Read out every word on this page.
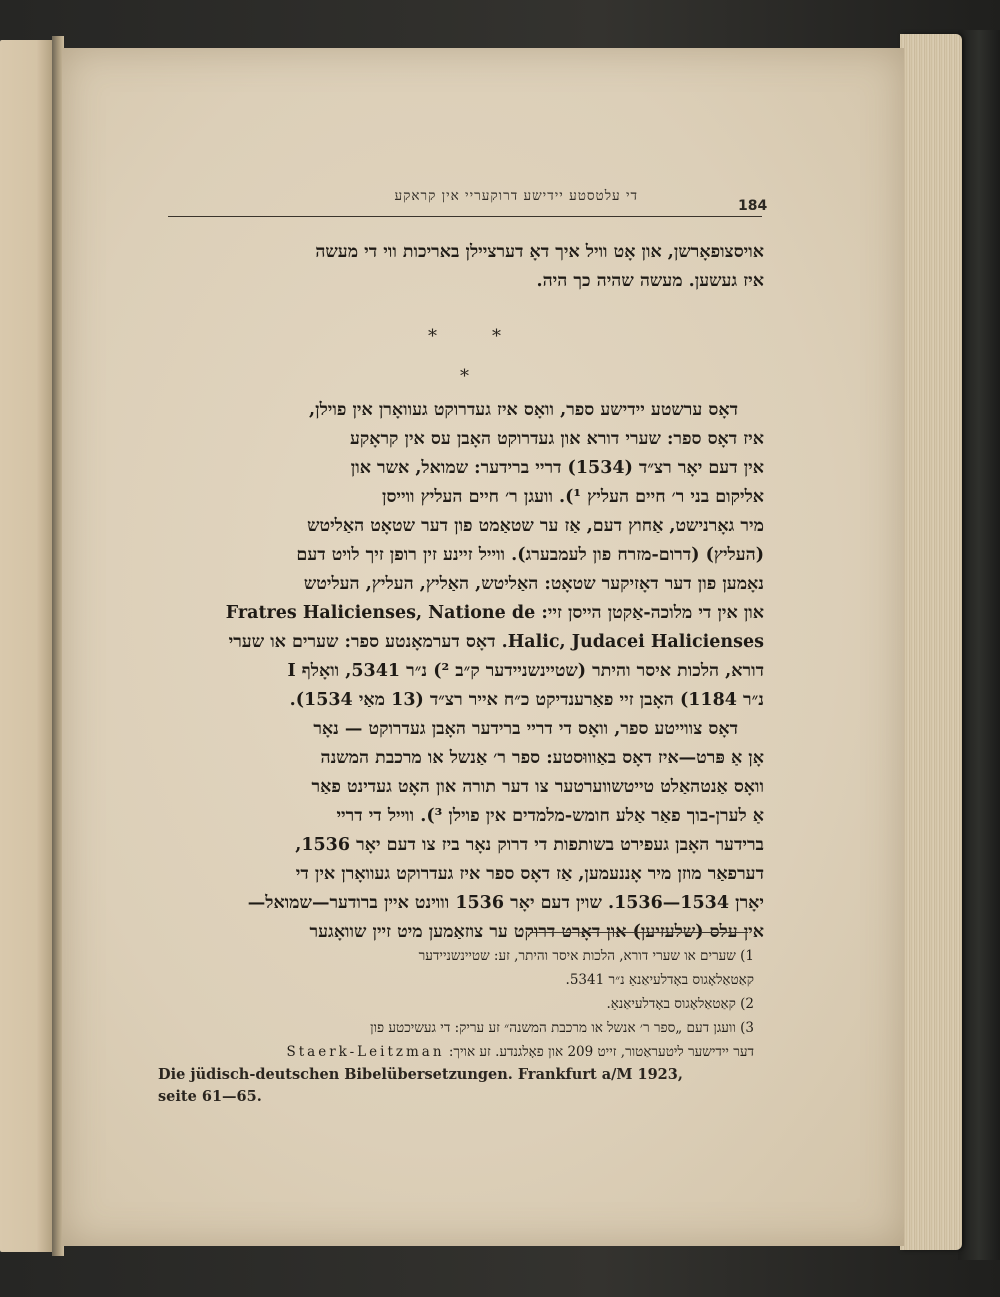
די עלטסטע יידישע דרוקעריי אין קראקע
184

אויסצופאָרשן, און אָט וויל איך דאָ דערציילן באריכות ווי די מעשה

איז געשען. מעשה שהיה כך היה.

*	*
*

דאָס ערשטע יידישע ספר, וואָס איז געדרוקט געוואָרן אין פוילן,

איז דאָס ספר: שערי דורא און געדרוקט האָבן עס אין קראָקע

אין דעם יאָר רצ״ד (1534) דריי ברידער: שמואל, אשר און

אליקום בני ר׳ חיים העליץ ¹). וועגן ר׳ חיים העליץ ווייסן

מיר גאָרנישט, אַחוץ דעם, אַז ער שטאַמט פון דער שטאָט האַליטש

(העליץ) (דרום-מזרח פון לעמבערג). ווייל זיינע זין רופן זיך לויט דעם

נאָמען פון דער דאָזיקער שטאָט: האַליטש, האַליץ, העליץ, העליטש

און אין די מלוכה-אַקטן הייסן זיי: Fratres Halicienses, Natione de

Halic, Judacei Halicienses. דאָס דערמאָנטע ספר: שערים או שערי

דורא, הלכות איסר והיתר (שטיינשניידער ק״ב ²) נ״ר 5341, וואָלף I

נ״ר 1184) האָבן זיי פאַרענדיקט כ״ח אייר רצ״ד (13 מאַי 1534).

דאָס צווייטע ספר, וואָס די דריי ברידער האָבן געדרוקט — נאָר

אָן אַ פּרט—איז דאָס באַוווּסטע: ספר ר׳ אַנשל או מרכבת המשנה

וואָס אַנטהאַלט טייטשווערטער צו דער תורה און האָט געדינט פאַר

אַ לערן-בוך פאַר אַלע חומש-מלמדים אין פוילן ³). ווייל די דריי

ברידער האָבן געפירט בשותפות די דרוק נאָר ביז צו דעם יאָר 1536,

דערפאַר מוזן מיר אָננעמען, אַז דאָס ספר איז געדרוקט געוואָרן אין די

יאָרן 1534—1536. שוין דעם יאָר 1536 וווינט איין ברודער—שמואל—

אין עלס (שלעזיען) און דאָרט דרוקט ער צוזאַמען מיט זיין שוואָגער

1) שערים או שערי דורא, הלכות איסר והיתר, זע: שטיינשניידער

קאַטאַלאָגוס באָדלעיאַנאַ נ״ר 5341.

2) קאַטאַלאָגוס באָדלעיאַנאַ.

3) וועגן דעם „ספר ר׳ אנשל או מרכבת המשנה״ זע עריק: די געשיכטע פון

דער יידישער ליטעראַטור, זייט 209 און פאָלגנדע. זע אויך: Staerk-Leitzman

Die jüdisch-deutschen Bibelübersetzungen. Frankfurt a/M 1923,

seite 61—65.
